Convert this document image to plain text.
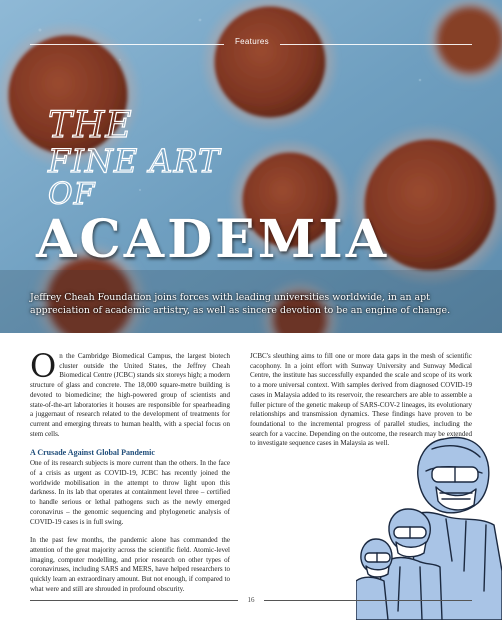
Features
THE
FINE ART
OF
ACADEMIA
Jeffrey Cheah Foundation joins forces with leading universities worldwide, in an apt appreciation of academic artistry, as well as sincere devotion to be an engine of change.

On the Cambridge Biomedical Campus, the largest biotech cluster outside the United States, the Jeffrey Cheah Biomedical Centre (JCBC) stands six storeys high; a modern structure of glass and concrete. The 18,000 square-metre building is devoted to biomedicine; the high-powered group of scientists and state-of-the-art laboratories it houses are responsible for spearheading a juggernaut of research related to the development of treatments for current and emerging threats to human health, with a special focus on stem cells.

A Crusade Against Global Pandemic

One of its research subjects is more current than the others. In the face of a crisis as urgent as COVID-19, JCBC has recently joined the worldwide mobilisation in the attempt to throw light upon this darkness. In its lab that operates at containment level three – certified to handle serious or lethal pathogens such as the newly emerged coronavirus – the genomic sequencing and phylogenetic analysis of COVID-19 cases is in full swing.

In the past few months, the pandemic alone has commanded the attention of the great majority across the scientific field. Atomic-level imaging, computer modelling, and prior research on other types of coronaviruses, including SARS and MERS, have helped researchers to quickly learn an extraordinary amount. But not enough, if compared to what were and still are shrouded in profound obscurity.

JCBC's sleuthing aims to fill one or more data gaps in the mesh of scientific cacophony. In a joint effort with Sunway University and Sunway Medical Centre, the institute has successfully expanded the scale and scope of its work to a more universal context. With samples derived from diagnosed COVID-19 cases in Malaysia added to its reservoir, the researchers are able to assemble a fuller picture of the genetic makeup of SARS-COV-2 lineages, its evolutionary relationships and transmission dynamics. These findings have proven to be foundational to the incremental progress of parallel studies, including the search for a vaccine. Depending on the outcome, the research may be extended to investigate sequence cases in Malaysia as well.

16
